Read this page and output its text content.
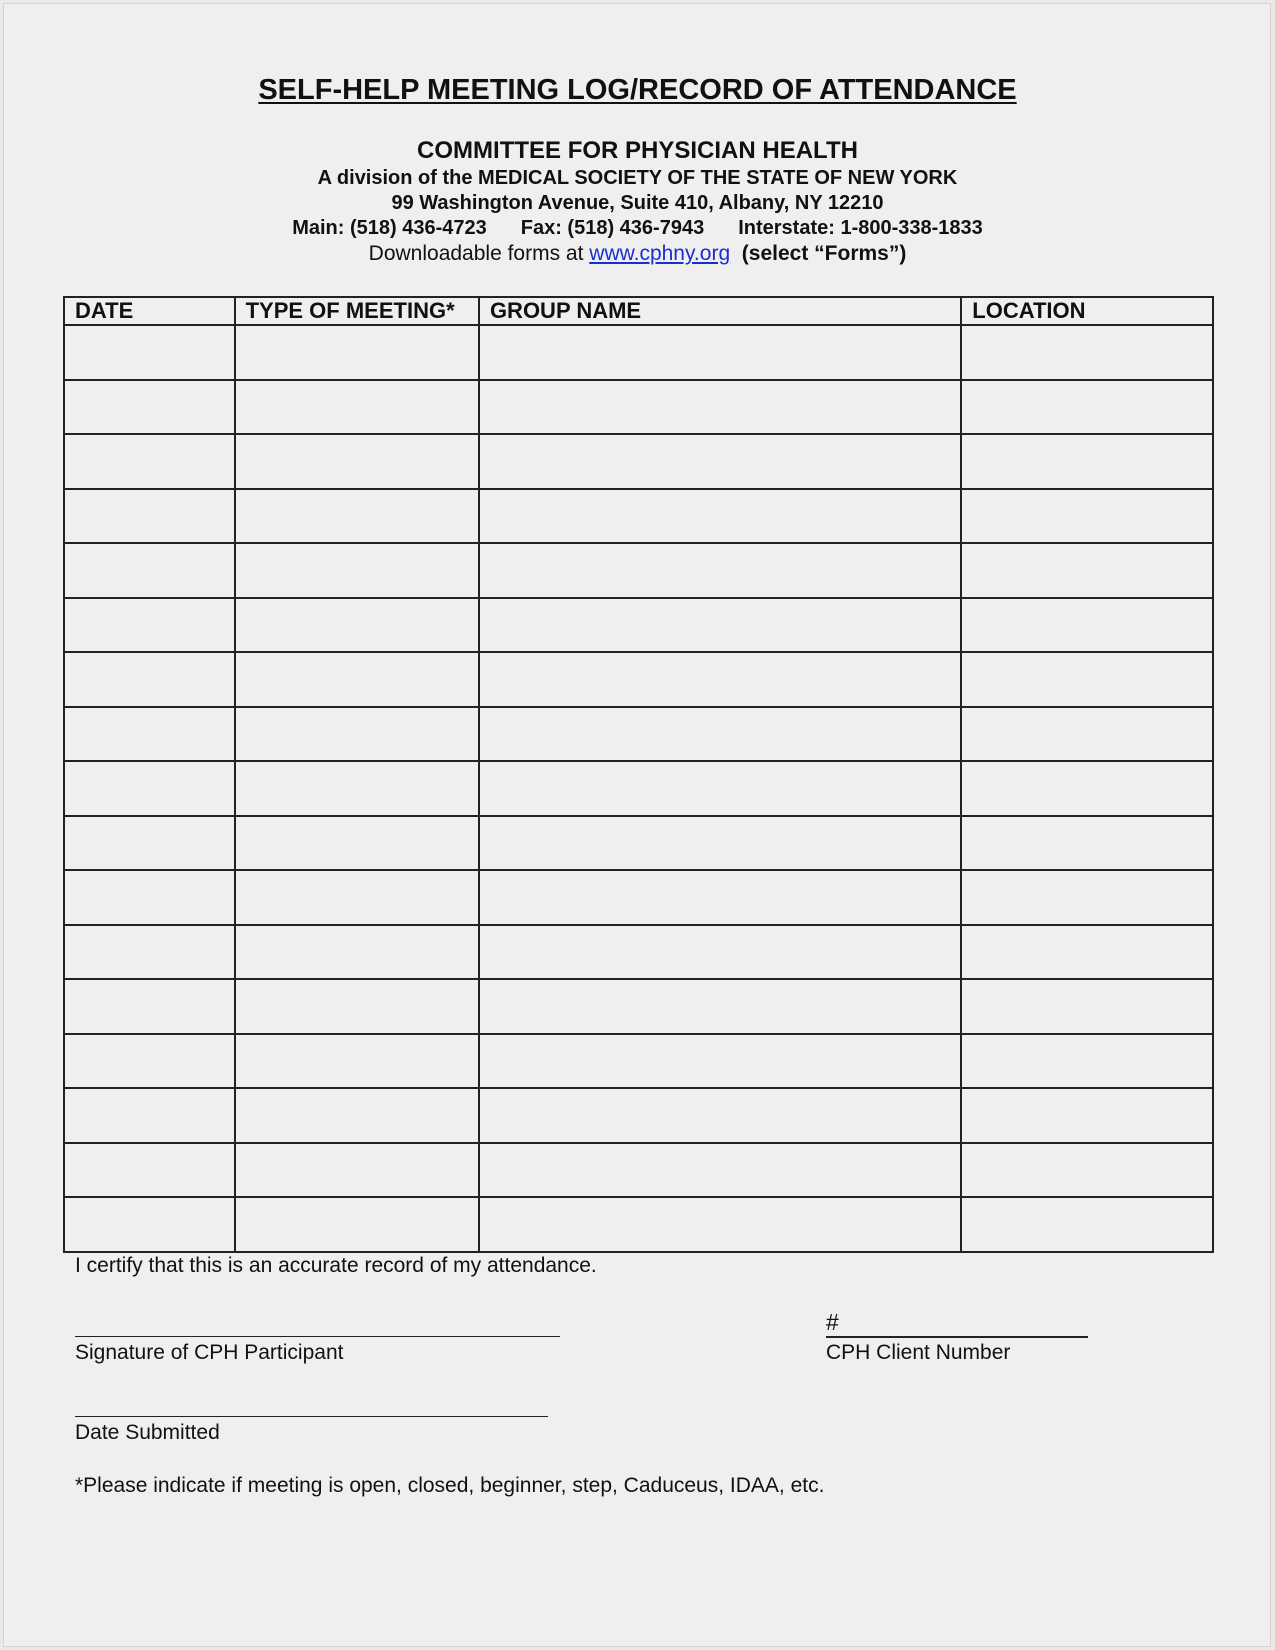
SELF-HELP MEETING LOG/RECORD OF ATTENDANCE
COMMITTEE FOR PHYSICIAN HEALTH
A division of the MEDICAL SOCIETY OF THE STATE OF NEW YORK
99 Washington Avenue, Suite 410, Albany, NY 12210
Main: (518) 436-4723 Fax: (518) 436-7943 Interstate: 1-800-338-1833
Downloadable forms at www.cphny.org (select “Forms”)
DATE	TYPE OF MEETING*	GROUP NAME	LOCATION

I certify that this is an accurate record of my attendance.
Signature of CPH Participant
#
CPH Client Number
Date Submitted
*Please indicate if meeting is open, closed, beginner, step, Caduceus, IDAA, etc.
